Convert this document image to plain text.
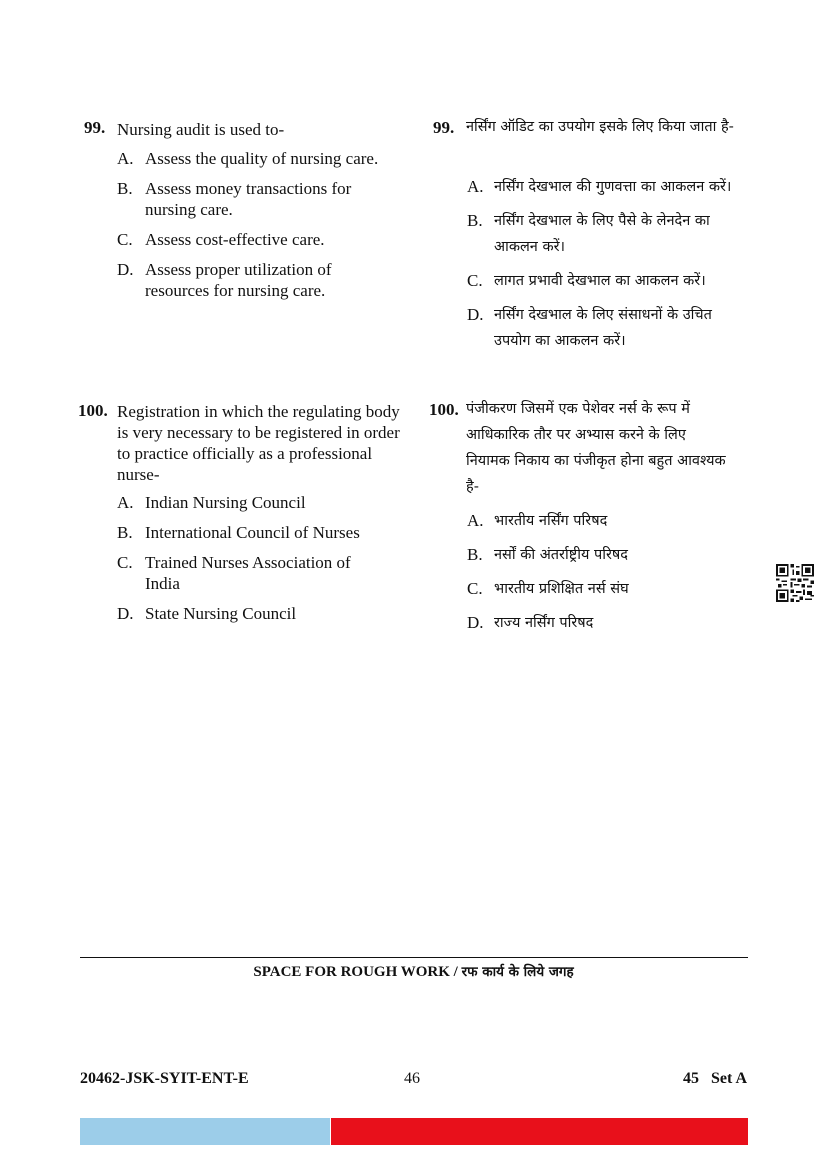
99. Nursing audit is used to-
A. Assess the quality of nursing care.
B. Assess money transactions for nursing care.
C. Assess cost-effective care.
D. Assess proper utilization of resources for nursing care.
100. Registration in which the regulating body is very necessary to be registered in order to practice officially as a professional nurse-
A. Indian Nursing Council
B. International Council of Nurses
C. Trained Nurses Association of India
D. State Nursing Council
99. नर्सिंग ऑडिट का उपयोग इसके लिए किया जाता है-
A. नर्सिंग देखभाल की गुणवत्ता का आकलन करें।
B. नर्सिंग देखभाल के लिए पैसे के लेनदेन का आकलन करें।
C. लागत प्रभावी देखभाल का आकलन करें।
D. नर्सिंग देखभाल के लिए संसाधनों के उचित उपयोग का आकलन करें।
100. पंजीकरण जिसमें एक पेशेवर नर्स के रूप में आधिकारिक तौर पर अभ्यास करने के लिए नियामक निकाय का पंजीकृत होना बहुत आवश्यक है-
A. भारतीय नर्सिंग परिषद
B. नर्सों की अंतर्राष्ट्रीय परिषद
C. भारतीय प्रशिक्षित नर्स संघ
D. राज्य नर्सिंग परिषद
SPACE FOR ROUGH WORK / रफ कार्य के लिये जगह
20462-JSK-SYIT-ENT-E	46	45   Set A
